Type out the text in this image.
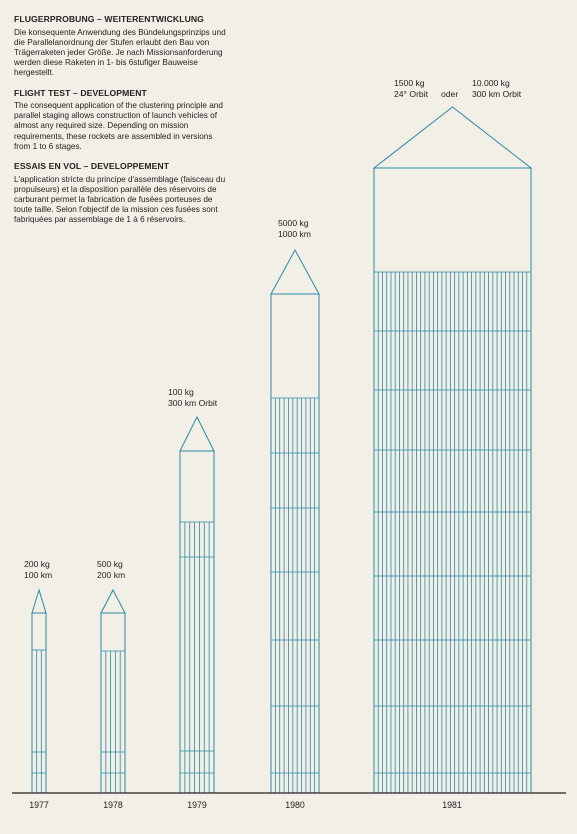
FLUGERPROBUNG – WEITERENTWICKLUNG

Die konsequente Anwendung des Bündelungsprinzips und die Parallelanordnung der Stufen erlaubt den Bau von Trägerraketen jeder Größe. Je nach Missionsanforderung werden diese Raketen in 1- bis 6stufiger Bauweise hergestellt.

FLIGHT TEST – DEVELOPMENT

The consequent application of the clustering principle and parallel staging allows construction of launch vehicles of almost any required size. Depending on mission requirements, these rockets are assembled in versions from 1 to 6 stages.

ESSAIS EN VOL – DEVELOPPEMENT

L'application stricte du principe d'assemblage (faisceau du propulseurs) et la disposition parallèle des réservoirs de carburant permet la fabrication de fusées porteuses de toute taille. Selon l'objectif de la mission ces fusées sont fabriquées par assemblage de 1 à 6 réservoirs.

200 kg
100 km
500 kg
200 km
100 kg
300 km Orbit
5000 kg
1000 km
1500 kg
24° Orbit oder
10.000 kg
300 km Orbit
1977	1978	1979	1980	1981
